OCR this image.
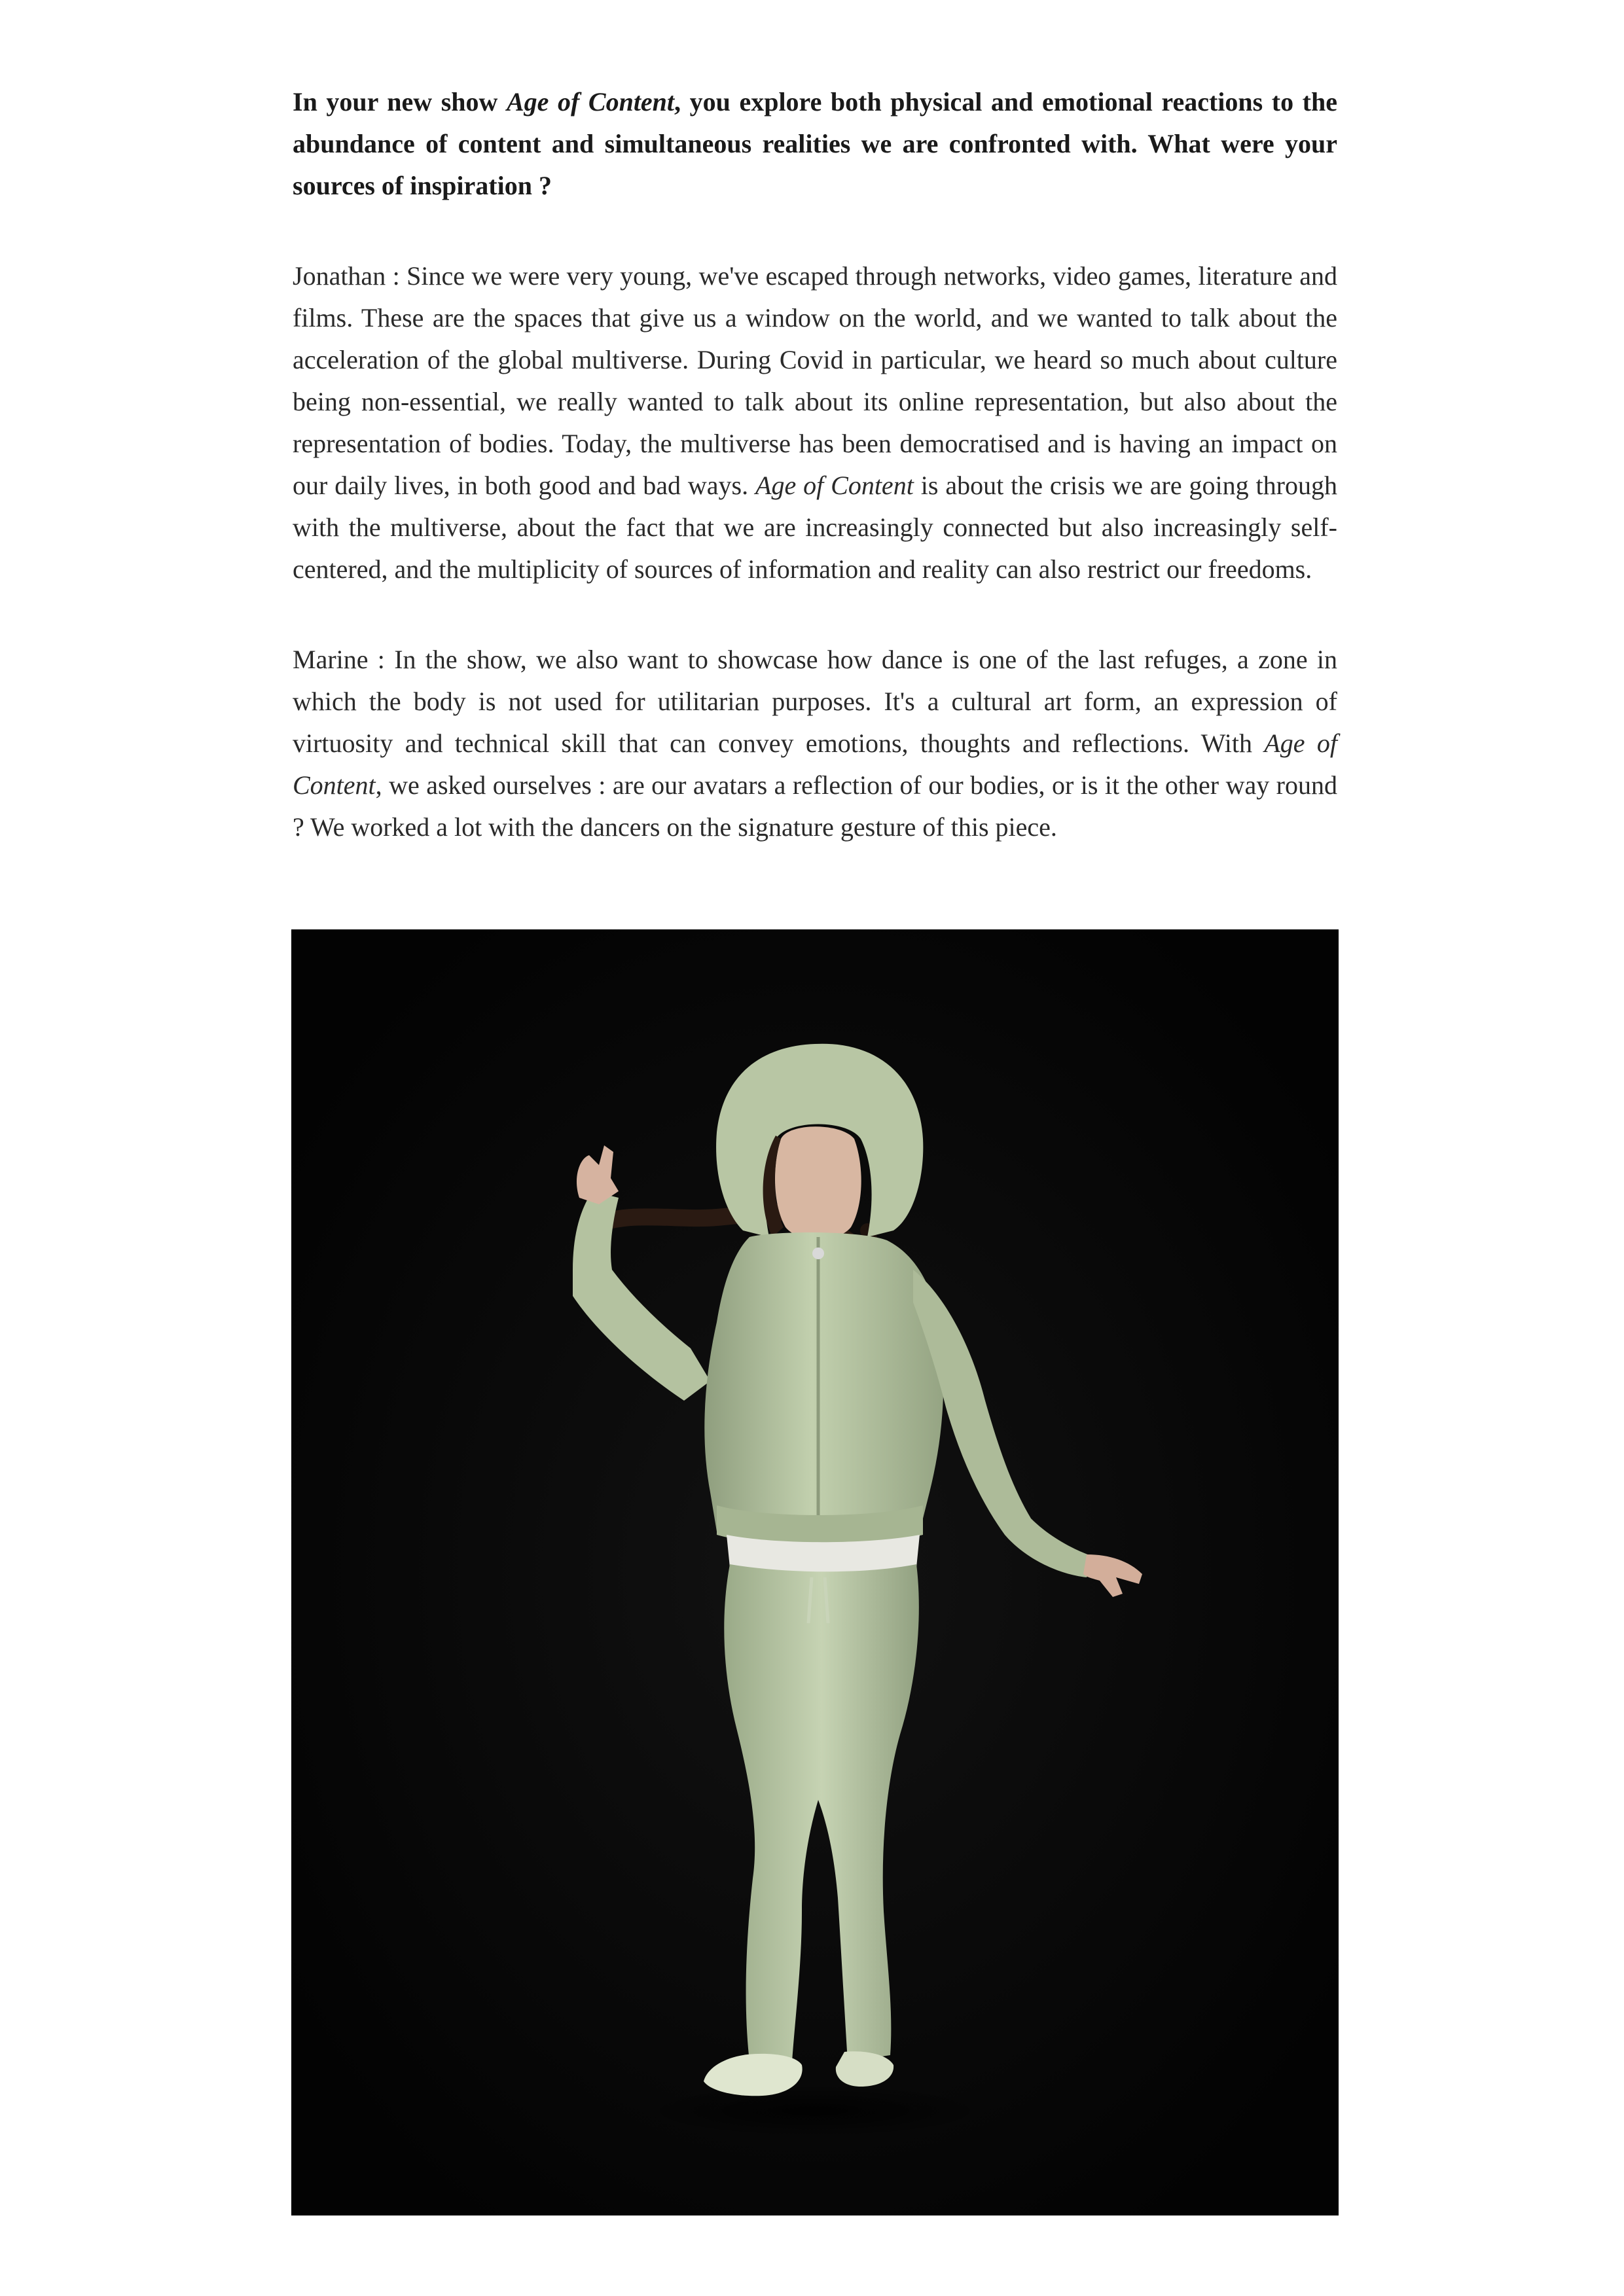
In your new show Age of Content, you explore both physical and emotional reactions to the abundance of content and simultaneous realities we are confronted with. What were your sources of inspiration ?

Jonathan : Since we were very young, we've escaped through networks, video games, literature and films. These are the spaces that give us a window on the world, and we wanted to talk about the acceleration of the global multiverse. During Covid in particular, we heard so much about culture being non-essential, we really wanted to talk about its online representation, but also about the representation of bodies. Today, the multiverse has been democratised and is having an impact on our daily lives, in both good and bad ways. Age of Content is about the crisis we are going through with the multiverse, about the fact that we are increasingly connected but also increasingly self-centered, and the multiplicity of sources of information and reality can also restrict our freedoms.

Marine : In the show, we also want to showcase how dance is one of the last refuges, a zone in which the body is not used for utilitarian purposes. It's a cultural art form, an expression of virtuosity and technical skill that can convey emotions, thoughts and reflections. With Age of Content, we asked ourselves : are our avatars a reflection of our bodies, or is it the other way round ? We worked a lot with the dancers on the signature gesture of this piece.
